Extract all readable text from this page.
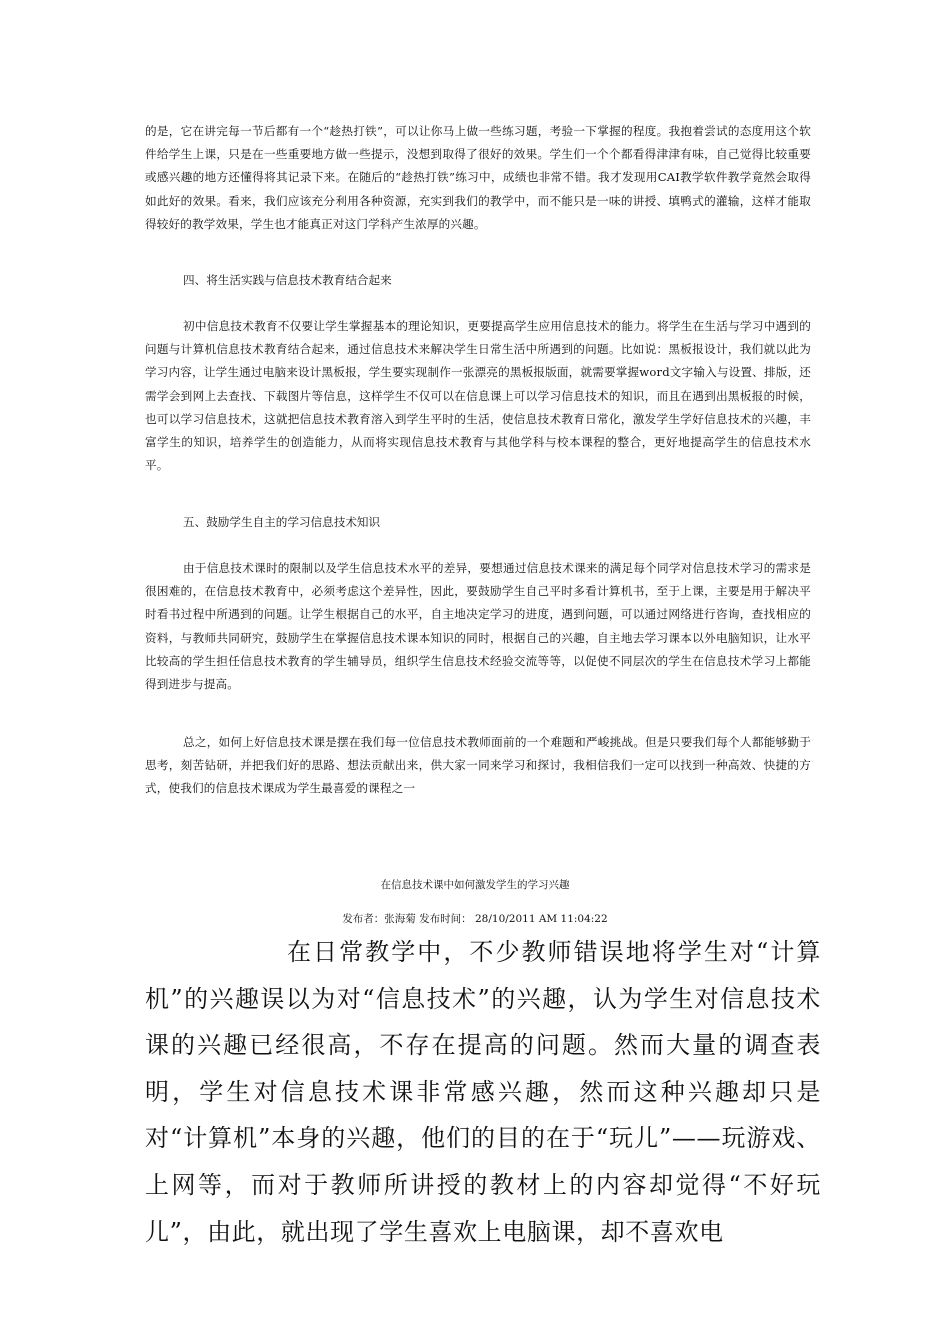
的是，它在讲完每一节后都有一个“趁热打铁”，可以让你马上做一些练习题，考验一下掌握的程度。我抱着尝试的态度用这个软件给学生上课，只是在一些重要地方做一些提示，没想到取得了很好的效果。学生们一个个都看得津津有味，自己觉得比较重要或感兴趣的地方还懂得将其记录下来。在随后的“趁热打铁”练习中，成绩也非常不错。我才发现用CAI教学软件教学竟然会取得如此好的效果。看来，我们应该充分利用各种资源，充实到我们的教学中，而不能只是一味的讲授、填鸭式的灌输，这样才能取得较好的教学效果，学生也才能真正对这门学科产生浓厚的兴趣。

四、将生活实践与信息技术教育结合起来

初中信息技术教育不仅要让学生掌握基本的理论知识，更要提高学生应用信息技术的能力。将学生在生活与学习中遇到的问题与计算机信息技术教育结合起来，通过信息技术来解决学生日常生活中所遇到的问题。比如说：黑板报设计，我们就以此为学习内容，让学生通过电脑来设计黑板报，学生要实现制作一张漂亮的黑板报版面，就需要掌握word文字输入与设置、排版，还需学会到网上去查找、下载图片等信息，这样学生不仅可以在信息课上可以学习信息技术的知识，而且在遇到出黑板报的时候，也可以学习信息技术，这就把信息技术教育溶入到学生平时的生活，使信息技术教育日常化，激发学生学好信息技术的兴趣，丰富学生的知识，培养学生的创造能力，从而将实现信息技术教育与其他学科与校本课程的整合，更好地提高学生的信息技术水平。

五、鼓励学生自主的学习信息技术知识

由于信息技术课时的限制以及学生信息技术水平的差异，要想通过信息技术课来的满足每个同学对信息技术学习的需求是很困难的，在信息技术教育中，必须考虑这个差异性，因此，要鼓励学生自己平时多看计算机书，至于上课，主要是用于解决平时看书过程中所遇到的问题。让学生根据自己的水平，自主地决定学习的进度，遇到问题，可以通过网络进行咨询，查找相应的资料，与教师共同研究，鼓励学生在掌握信息技术课本知识的同时，根据自己的兴趣，自主地去学习课本以外电脑知识，让水平比较高的学生担任信息技术教育的学生辅导员，组织学生信息技术经验交流等等，以促使不同层次的学生在信息技术学习上都能得到进步与提高。

总之，如何上好信息技术课是摆在我们每一位信息技术教师面前的一个难题和严峻挑战。但是只要我们每个人都能够勤于思考，刻苦钻研，并把我们好的思路、想法贡献出来，供大家一同来学习和探讨，我相信我们一定可以找到一种高效、快捷的方式，使我们的信息技术课成为学生最喜爱的课程之一

在信息技术课中如何激发学生的学习兴趣

发布者：张海菊 发布时间： 28/10/2011 AM 11:04:22

在日常教学中，不少教师错误地将学生对“计算机”的兴趣误以为对“信息技术”的兴趣，认为学生对信息技术课的兴趣已经很高，不存在提高的问题。然而大量的调查表明，学生对信息技术课非常感兴趣，然而这种兴趣却只是对“计算机”本身的兴趣，他们的目的在于“玩儿”——玩游戏、上网等，而对于教师所讲授的教材上的内容却觉得“不好玩儿”，由此，就出现了学生喜欢上电脑课，却不喜欢电
